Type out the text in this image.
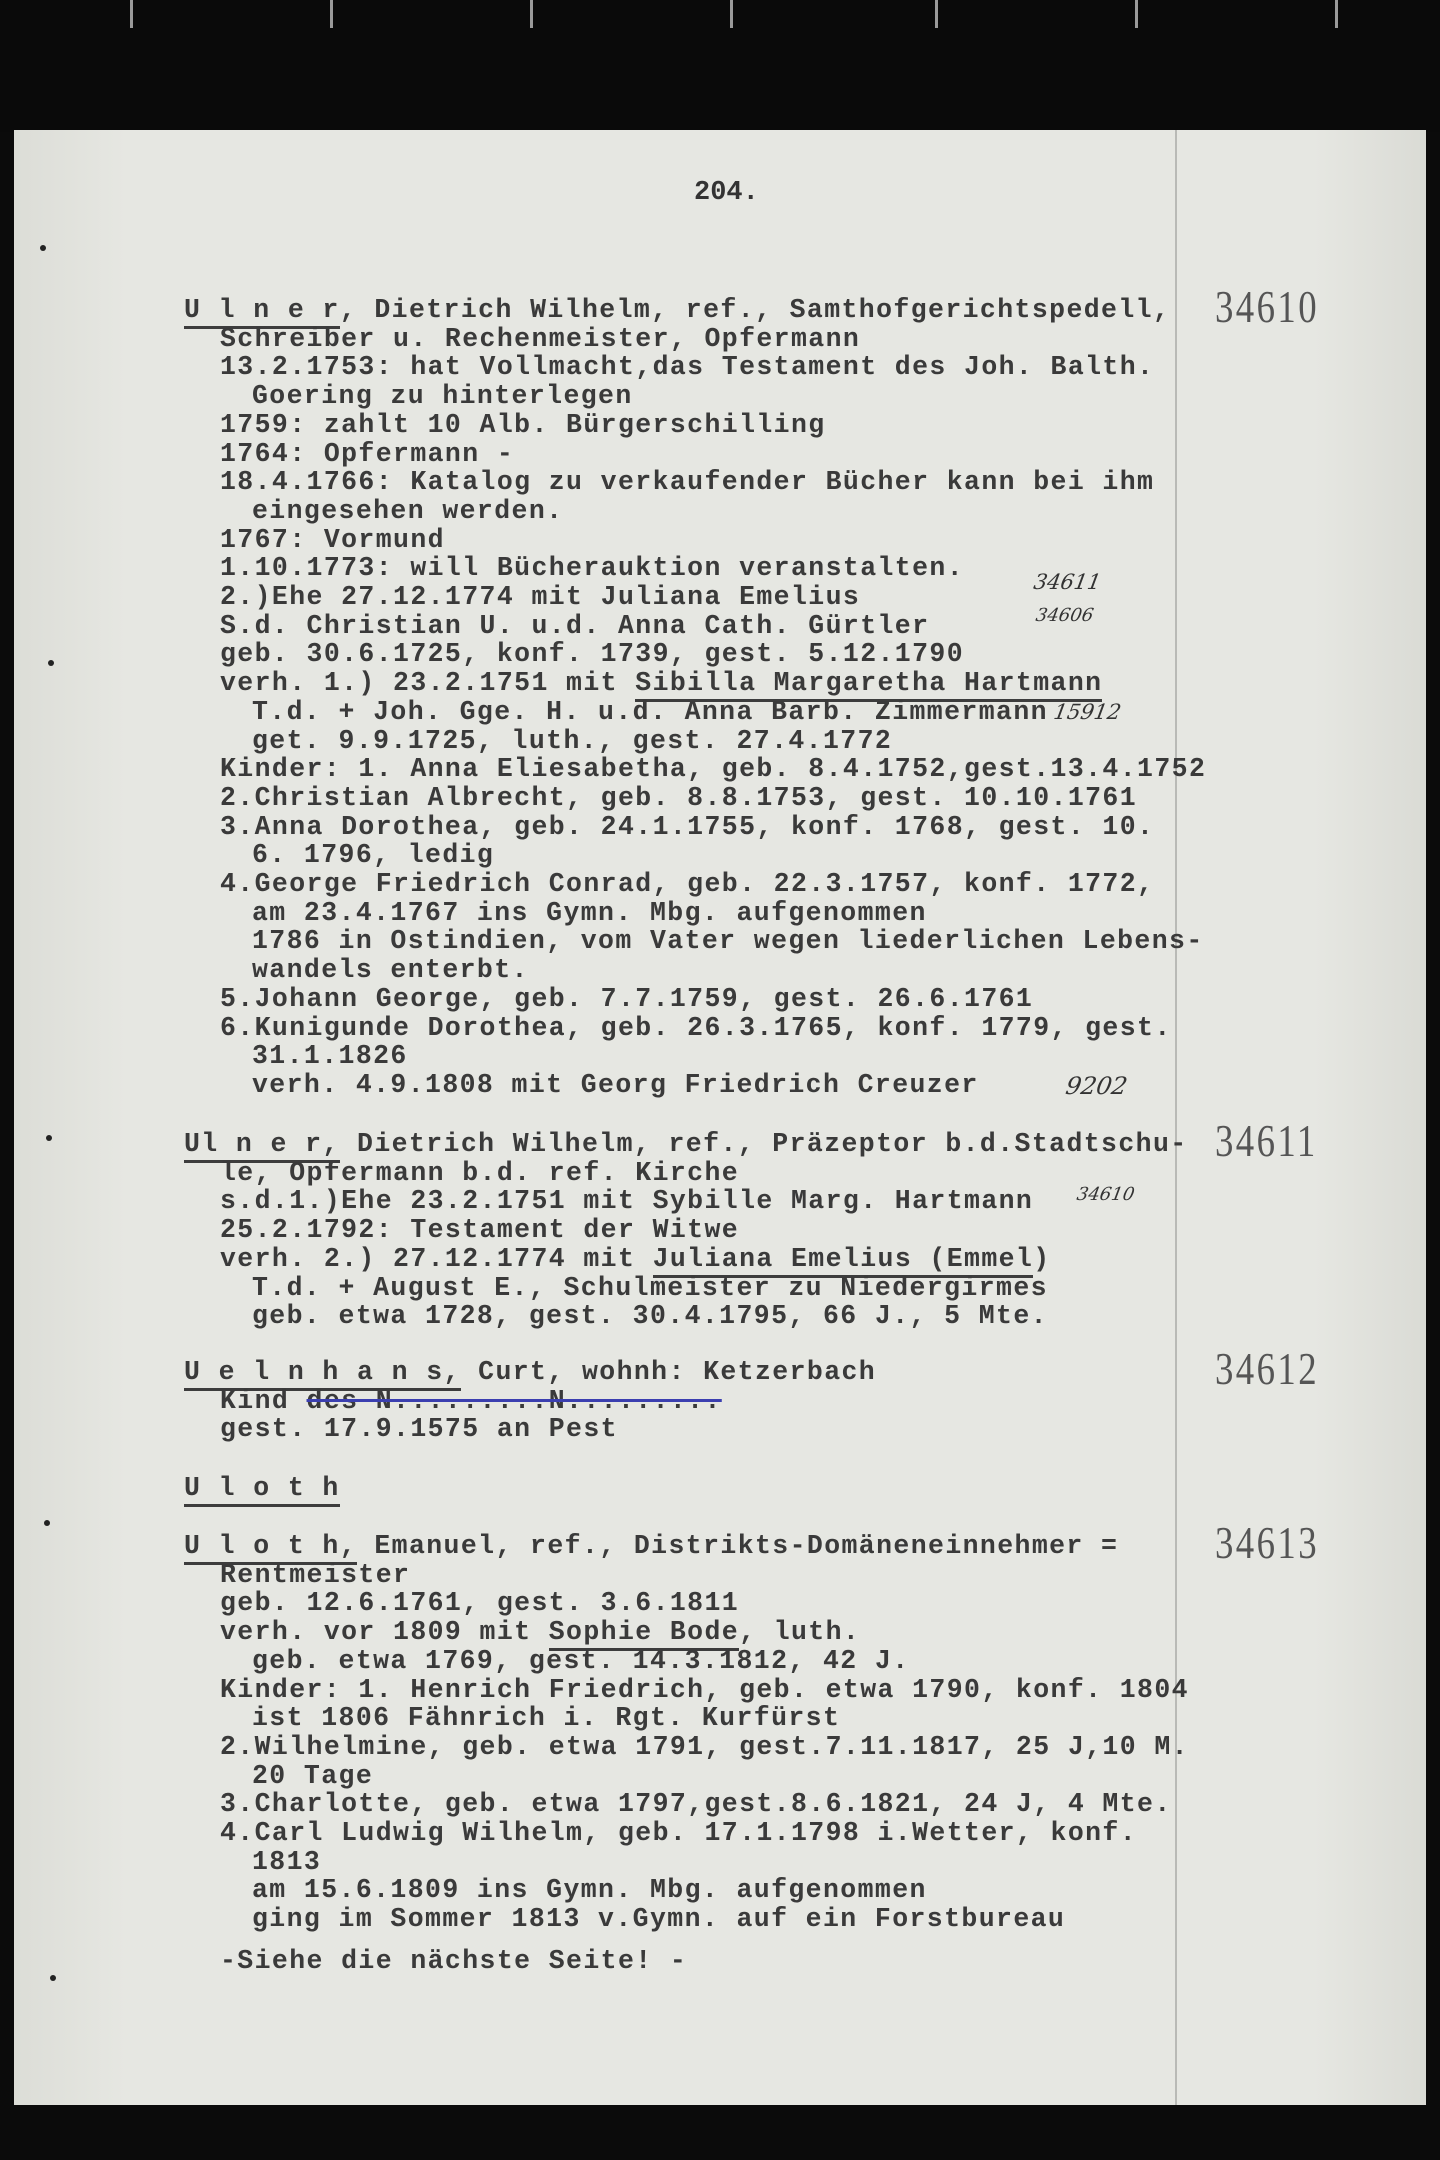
204.
34610
U l n e r, Dietrich Wilhelm, ref., Samthofgerichtspedell,
Schreiber u. Rechenmeister, Opfermann
13.2.1753: hat Vollmacht,das Testament des Joh. Balth.
Goering zu hinterlegen
1759: zahlt 10 Alb. Bürgerschilling
1764: Opfermann -
18.4.1766: Katalog zu verkaufender Bücher kann bei ihm
eingesehen werden.
1767: Vormund
1.10.1773: will Bücherauktion veranstalten.
2.)Ehe 27.12.1774 mit Juliana Emelius
S.d. Christian U. u.d. Anna Cath. Gürtler
geb. 30.6.1725, konf. 1739, gest. 5.12.1790
verh. 1.) 23.2.1751 mit Sibilla Margaretha Hartmann
T.d. + Joh. Gge. H. u.d. Anna Barb. Zimmermann
get. 9.9.1725, luth., gest. 27.4.1772
Kinder: 1. Anna Eliesabetha, geb. 8.4.1752,gest.13.4.1752
2.Christian Albrecht, geb. 8.8.1753, gest. 10.10.1761
3.Anna Dorothea, geb. 24.1.1755, konf. 1768, gest. 10.
6. 1796, ledig
4.George Friedrich Conrad, geb. 22.3.1757, konf. 1772,
am 23.4.1767 ins Gymn. Mbg. aufgenommen
1786 in Ostindien, vom Vater wegen liederlichen Lebens-
wandels enterbt.
5.Johann George, geb. 7.7.1759, gest. 26.6.1761
6.Kunigunde Dorothea, geb. 26.3.1765, konf. 1779, gest.
31.1.1826
verh. 4.9.1808 mit Georg Friedrich Creuzer
34611
Ul n e r, Dietrich Wilhelm, ref., Präzeptor b.d.Stadtschu-
le, Opfermann b.d. ref. Kirche
s.d.1.)Ehe 23.2.1751 mit Sybille Marg. Hartmann
25.2.1792: Testament der Witwe
verh. 2.) 27.12.1774 mit Juliana Emelius (Emmel)
T.d. + August E., Schulmeister zu Niedergirmes
geb. etwa 1728, gest. 30.4.1795, 66 J., 5 Mte.
34612
U e l n h a n s, Curt, wohnh: Ketzerbach
Kind des N.........N.........
gest. 17.9.1575 an Pest
U l o t h
34613
U l o t h, Emanuel, ref., Distrikts-Domäneneinnehmer =
Rentmeister
geb. 12.6.1761, gest. 3.6.1811
verh. vor 1809 mit Sophie Bode, luth.
geb. etwa 1769, gest. 14.3.1812, 42 J.
Kinder: 1. Henrich Friedrich, geb. etwa 1790, konf. 1804
ist 1806 Fähnrich i. Rgt. Kurfürst
2.Wilhelmine, geb. etwa 1791, gest.7.11.1817, 25 J,10 M.
20 Tage
3.Charlotte, geb. etwa 1797,gest.8.6.1821, 24 J, 4 Mte.
4.Carl Ludwig Wilhelm, geb. 17.1.1798 i.Wetter, konf.
1813
am 15.6.1809 ins Gymn. Mbg. aufgenommen
ging im Sommer 1813 v.Gymn. auf ein Forstbureau
-Siehe die nächste Seite! -
34611
34606
15912
9202
34610
